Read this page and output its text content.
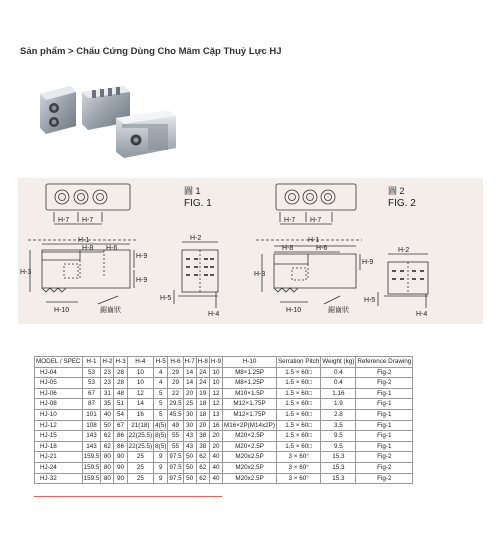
Sản phẩm > Chấu Cứng Dùng Cho Mâm Cặp Thuỷ Lực HJ
圖 1
FIG. 1
圖 2
FIG. 2
H-7 H-7
H-1
H-8 H-6
H-3
H-9
H-9
H-10	鋸齒狀
H-2
H-5
H-4
H-7 H-7
H-1
H-8	H-6
H-3
H-9
H-10	鋸齒狀
H-2
H-5
H-4
MODEL / SPEC	H-1	H-2	H-3	H-4	H-5	H-6	H-7	H-8	H-9	H-10	Serration Pitch	Weight (kg)	Reference Drawing
HJ-04	53	23	28	10	4	29	14	24	10	M8×1.25P	1.5 × 60□	0.4	Fig-2
HJ-05	53	23	28	10	4	29	14	24	10	M8×1.25P	1.5 × 60□	0.4	Fig-2
HJ-06	67	31	48	12	5	22	20	19	12	M10×1.5P	1.5 × 60□	1.16	Fig-1
HJ-08	87	35	51	14	5	29.5	25	18	12	M12×1.75P	1.5 × 60□	1.9	Fig-1
HJ-10	101	40	54	16	5	45.5	30	18	13	M12×1.75P	1.5 × 60□	2.8	Fig-1
HJ-12	108	50	67	21(18)	4(5)	49	30	20	16	M16×2P(M14x2P)	1.5 × 60□	3.5	Fig-1
HJ-15	143	62	86	22(25.5)	8(5)	55	43	38	20	M20×2.5P	1.5 × 60□	9.5	Fig-1
HJ-18	143	62	86	22(25.5)	8(5)	55	43	38	20	M20×2.5P	1.5 × 60□	9.5	Fig-1
HJ-21	159.5	80	90	25	9	97.5	50	62	40	M20x2.5P	3 × 60°	15.3	Fig-2
HJ-24	159.5	80	90	25	9	97.5	50	62	40	M20x2.5P	3 × 60°	15.3	Fig-2
HJ-32	159.5	80	90	25	9	97.5	50	62	40	M20x2.5P	3 × 60°	15.3	Fig-2
